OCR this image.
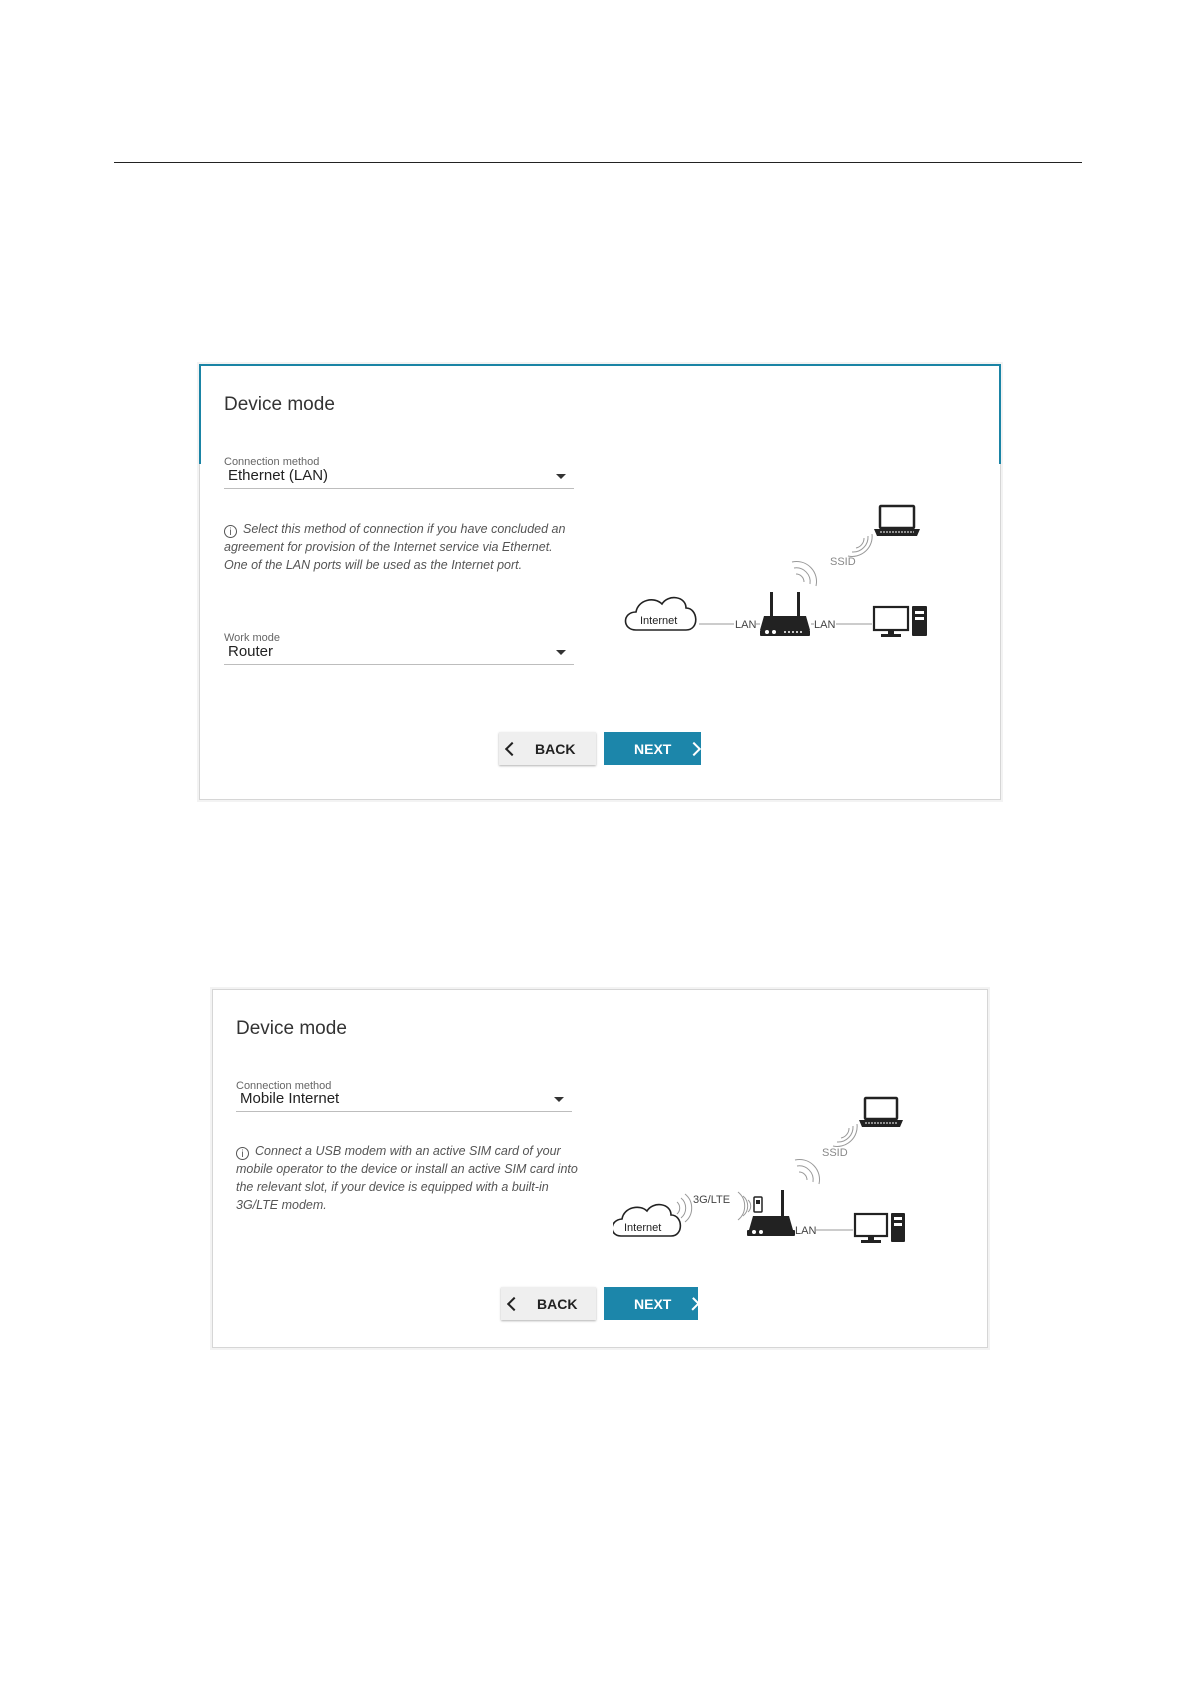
Device mode
Connection method
Ethernet (LAN)
i Select this method of connection if you have concluded an agreement for provision of the Internet service via Ethernet. One of the LAN ports will be used as the Internet port.
Work mode
Router
SSID
Internet	LAN	LAN
BACK	NEXT
Device mode
Connection method
Mobile Internet
i Connect a USB modem with an active SIM card of your mobile operator to the device or install an active SIM card into the relevant slot, if your device is equipped with a built-in 3G/LTE modem.
SSID
Internet
3G/LTE
LAN
BACK	NEXT
